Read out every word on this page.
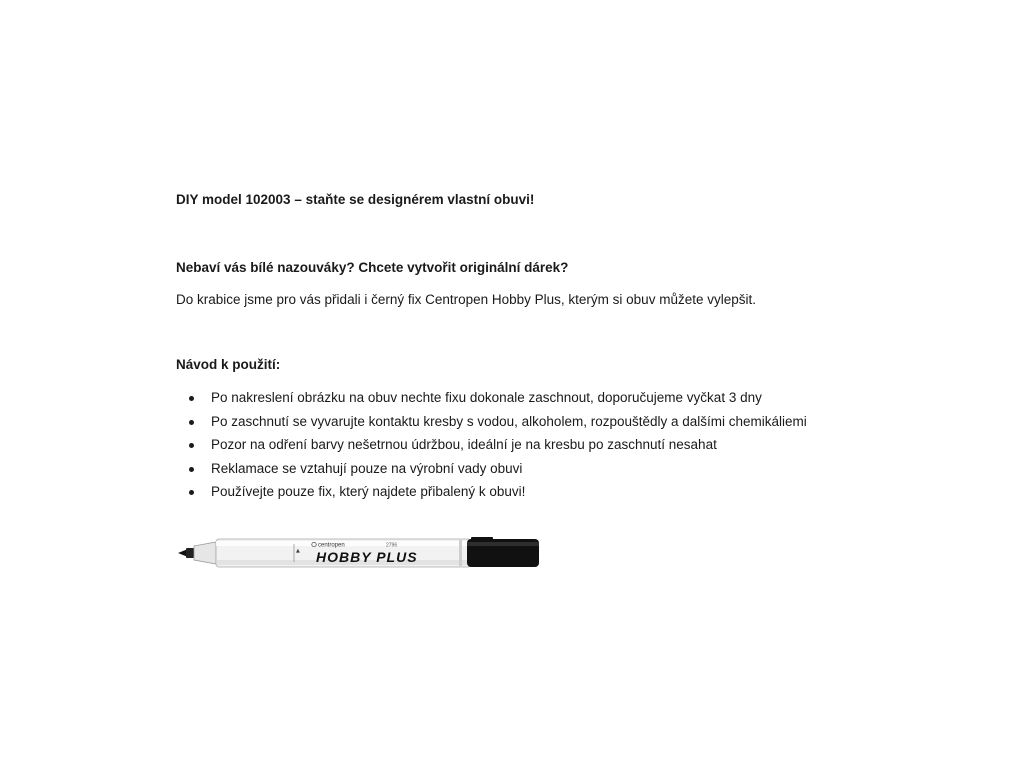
DIY model 102003 – staňte se designérem vlastní obuvi!
Nebaví vás bílé nazouváky? Chcete vytvořit originální dárek?
Do krabice jsme pro vás přidali i černý fix Centropen Hobby Plus, kterým si obuv můžete vylepšit.
Návod k použití:
Po nakreslení obrázku na obuv nechte fixu dokonale zaschnout, doporučujeme vyčkat 3 dny
Po zaschnutí se vyvarujte kontaktu kresby s vodou, alkoholem, rozpouštědly a dalšími chemikáliemi
Pozor na odření barvy nešetrnou údržbou, ideální je na kresbu po zaschnutí nesahat
Reklamace se vztahují pouze na výrobní vady obuvi
Používejte pouze fix, který najdete přibalený k obuvi!
▲
centropen	2796
HOBBY PLUS
